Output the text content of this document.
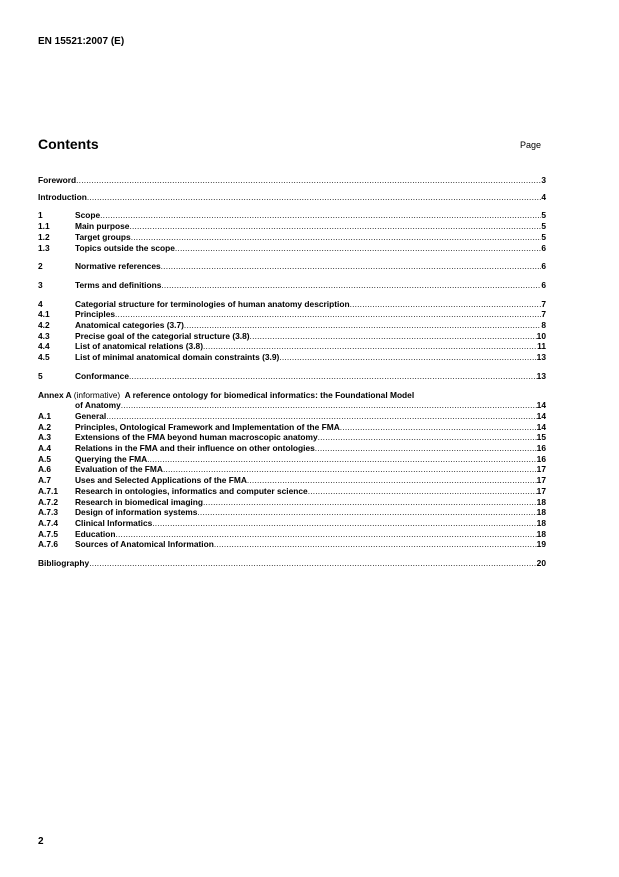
EN 15521:2007 (E)
Contents	Page
Foreword .....	3
Introduction .....	4
1	Scope .....	5
1.1	Main purpose .....	5
1.2	Target groups .....	5
1.3	Topics outside the scope .....	6
2	Normative references .....	6
3	Terms and definitions .....	6
4	Categorial structure for terminologies of human anatomy description .....	7
4.1	Principles .....	7
4.2	Anatomical categories (3.7) .....	8
4.3	Precise goal of the categorial structure (3.8) .....	10
4.4	List of anatomical relations (3.8) .....	11
4.5	List of minimal anatomical domain constraints (3.9) .....	13
5	Conformance .....	13
Annex A (informative) A reference ontology for biomedical informatics: the Foundational Model
of Anatomy .....	14
A.1	General .....	14
A.2	Principles, Ontological Framework and Implementation of the FMA .....	14
A.3	Extensions of the FMA beyond human macroscopic anatomy .....	15
A.4	Relations in the FMA and their influence on other ontologies .....	16
A.5	Querying the FMA .....	16
A.6	Evaluation of the FMA .....	17
A.7	Uses and Selected Applications of the FMA .....	17
A.7.1	Research in ontologies, informatics and computer science .....	17
A.7.2	Research in biomedical imaging .....	18
A.7.3	Design of information systems .....	18
A.7.4	Clinical Informatics .....	18
A.7.5	Education .....	18
A.7.6	Sources of Anatomical Information .....	19
Bibliography .....	20
2
